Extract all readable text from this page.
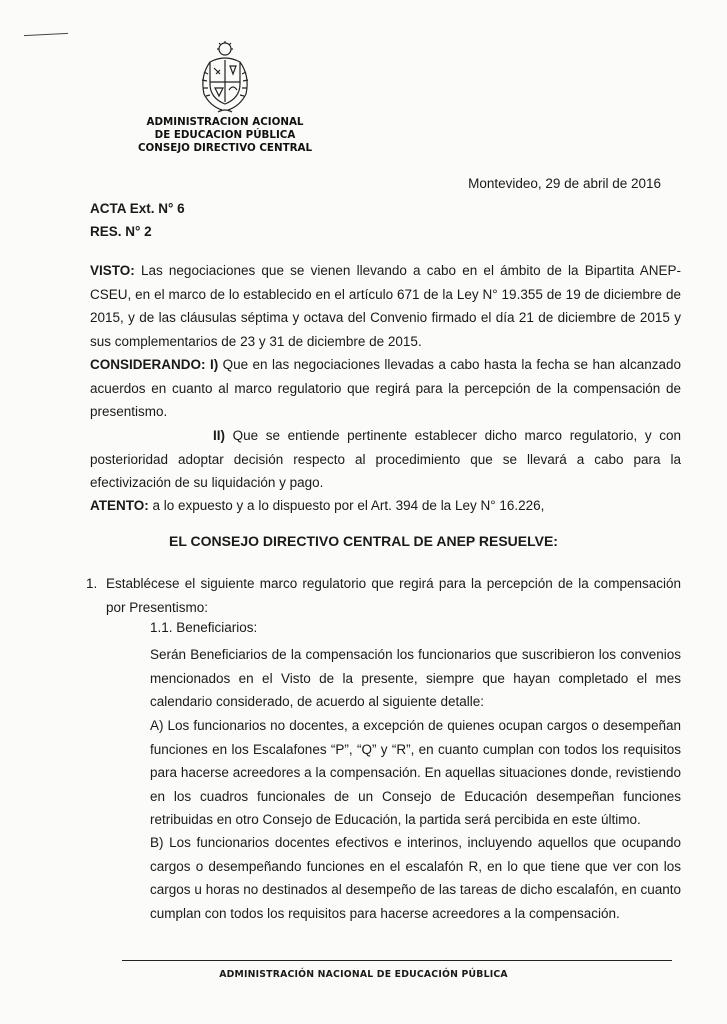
ADMINISTRACION ACIONAL
DE EDUCACION PÚBLICA
CONSEJO DIRECTIVO CENTRAL
Montevideo, 29 de abril de 2016
ACTA Ext. N° 6
RES. N° 2
VISTO: Las negociaciones que se vienen llevando a cabo en el ámbito de la Bipartita ANEP-CSEU, en el marco de lo establecido en el artículo 671 de la Ley N° 19.355 de 19 de diciembre de 2015, y de las cláusulas séptima y octava del Convenio firmado el día 21 de diciembre de 2015 y sus complementarios de 23 y 31 de diciembre de 2015.
CONSIDERANDO: I) Que en las negociaciones llevadas a cabo hasta la fecha se han alcanzado acuerdos en cuanto al marco regulatorio que regirá para la percepción de la compensación de presentismo.
II) Que se entiende pertinente establecer dicho marco regulatorio, y con posterioridad adoptar decisión respecto al procedimiento que se llevará a cabo para la efectivización de su liquidación y pago.
ATENTO: a lo expuesto y a lo dispuesto por el Art. 394 de la Ley N° 16.226,
EL CONSEJO DIRECTIVO CENTRAL DE ANEP RESUELVE:
1. Establécese el siguiente marco regulatorio que regirá para la percepción de la compensación por Presentismo:
1.1. Beneficiarios:
Serán Beneficiarios de la compensación los funcionarios que suscribieron los convenios mencionados en el Visto de la presente, siempre que hayan completado el mes calendario considerado, de acuerdo al siguiente detalle:
A) Los funcionarios no docentes, a excepción de quienes ocupan cargos o desempeñan funciones en los Escalafones “P”, “Q” y “R”, en cuanto cumplan con todos los requisitos para hacerse acreedores a la compensación. En aquellas situaciones donde, revistiendo en los cuadros funcionales de un Consejo de Educación desempeñan funciones retribuidas en otro Consejo de Educación, la partida será percibida en este último.
B) Los funcionarios docentes efectivos e interinos, incluyendo aquellos que ocupando cargos o desempeñando funciones en el escalafón R, en lo que tiene que ver con los cargos u horas no destinados al desempeño de las tareas de dicho escalafón, en cuanto cumplan con todos los requisitos para hacerse acreedores a la compensación.
ADMINISTRACIÓN NACIONAL DE EDUCACIÓN PÚBLICA
